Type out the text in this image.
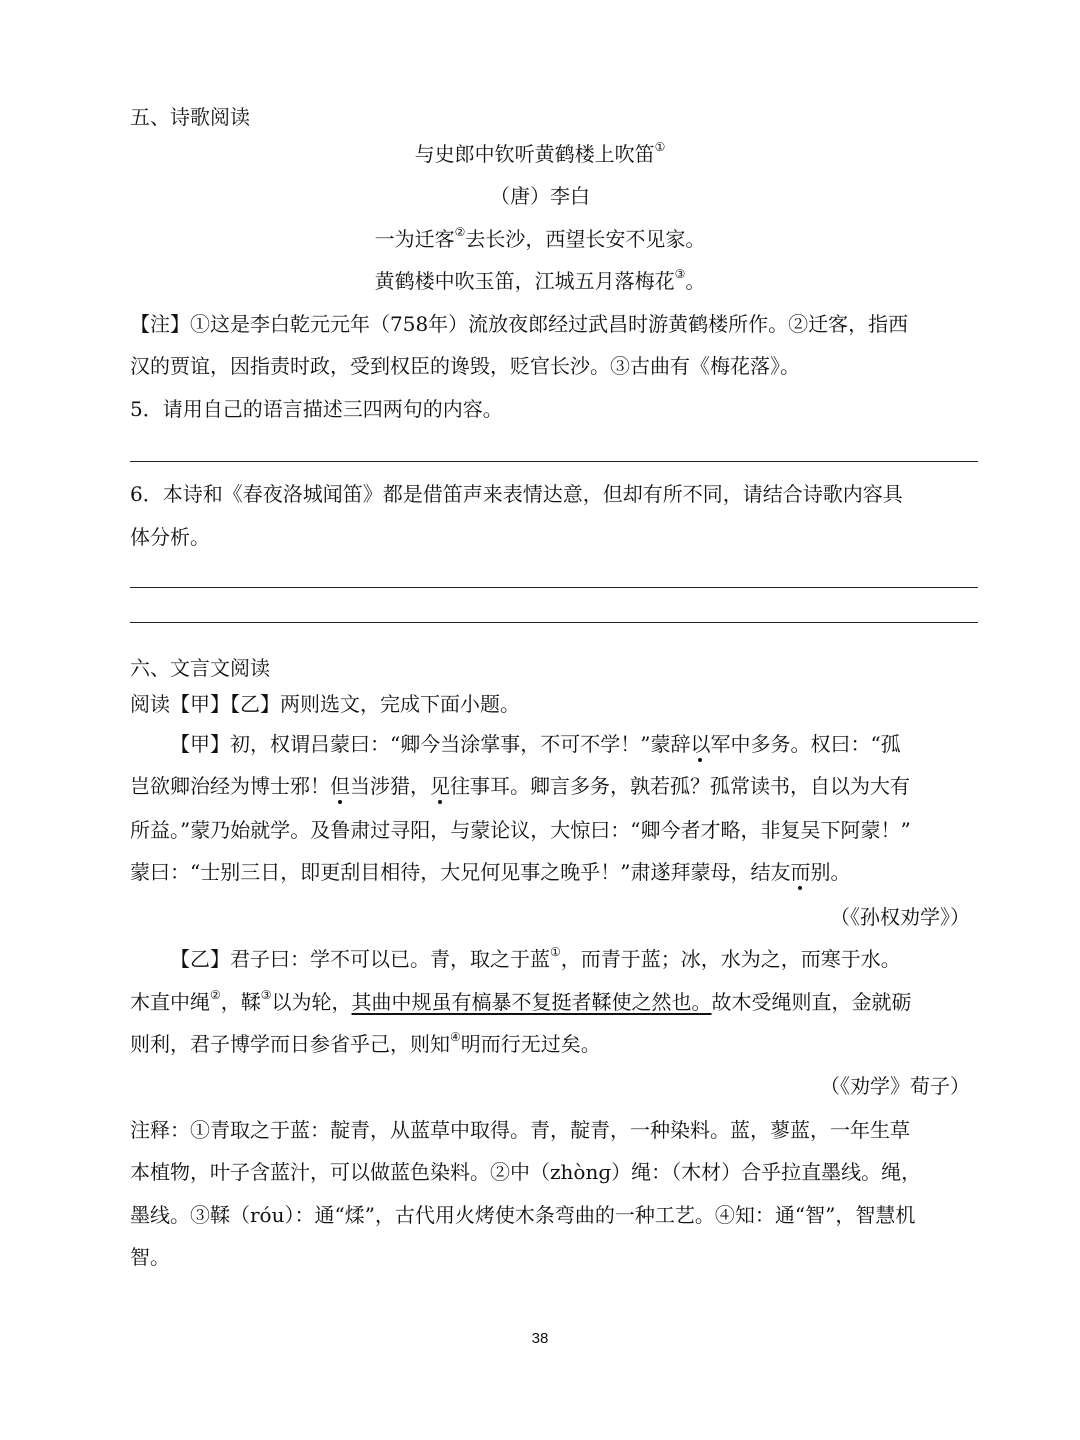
五、诗歌阅读
与史郎中钦听黄鹤楼上吹笛①
（唐）李白
一为迁客②去长沙，西望长安不见家。
黄鹤楼中吹玉笛，江城五月落梅花③。
【注】①这是李白乾元元年（758年）流放夜郎经过武昌时游黄鹤楼所作。②迁客，指西
汉的贾谊，因指责时政，受到权臣的谗毁，贬官长沙。③古曲有《梅花落》。
5．请用自己的语言描述三四两句的内容。
6．本诗和《春夜洛城闻笛》都是借笛声来表情达意，但却有所不同，请结合诗歌内容具
体分析。
六、文言文阅读
阅读【甲】【乙】两则选文，完成下面小题。
【甲】初，权谓吕蒙曰：“卿今当涂掌事，不可不学！”蒙辞以军中多务。权曰：“孤
岂欲卿治经为博士邪！但当涉猎，见往事耳。卿言多务，孰若孤？孤常读书，自以为大有
所益。”蒙乃始就学。及鲁肃过寻阳，与蒙论议，大惊曰：“卿今者才略，非复吴下阿蒙！”
蒙曰：“士别三日，即更刮目相待，大兄何见事之晚乎！”肃遂拜蒙母，结友而别。
（《孙权劝学》）
【乙】君子曰：学不可以已。青，取之于蓝①，而青于蓝；冰，水为之，而寒于水。
木直中绳②，鞣③以为轮，其曲中规虽有槁暴不复挺者鞣使之然也。故木受绳则直，金就砺
则利，君子博学而日参省乎己，则知④明而行无过矣。
（《劝学》荀子）
注释：①青取之于蓝：靛青，从蓝草中取得。青，靛青，一种染料。蓝，蓼蓝，一年生草
本植物，叶子含蓝汁，可以做蓝色染料。②中（zhònɡ）绳：（木材）合乎拉直墨线。绳，
墨线。③鞣（róu）：通“煣”，古代用火烤使木条弯曲的一种工艺。④知：通“智”，智慧机
智。
38
